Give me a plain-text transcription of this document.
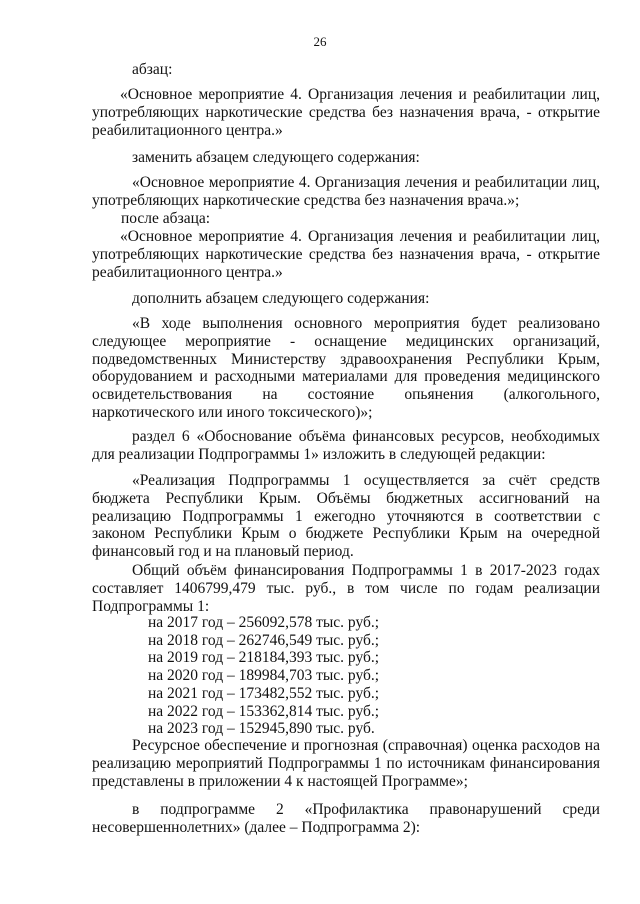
26

абзац:

«Основное мероприятие 4. Организация лечения и реабилитации лиц, употребляющих наркотические средства без назначения врача, - открытие реабилитационного центра.»

заменить абзацем следующего содержания:

«Основное мероприятие 4. Организация лечения и реабилитации лиц, употребляющих наркотические средства без назначения врача.»;

после абзаца:

«Основное мероприятие 4. Организация лечения и реабилитации лиц, употребляющих наркотические средства без назначения врача, - открытие реабилитационного центра.»

дополнить абзацем следующего содержания:

«В ходе выполнения основного мероприятия будет реализовано следующее мероприятие - оснащение медицинских организаций, подведомственных Министерству здравоохранения Республики Крым, оборудованием и расходными материалами для проведения медицинского освидетельствования на состояние опьянения (алкогольного, наркотического или иного токсического)»;

раздел 6 «Обоснование объёма финансовых ресурсов, необходимых для реализации Подпрограммы 1» изложить в следующей редакции:

«Реализация Подпрограммы 1 осуществляется за счёт средств бюджета Республики Крым. Объёмы бюджетных ассигнований на реализацию Подпрограммы 1 ежегодно уточняются в соответствии с законом Республики Крым о бюджете Республики Крым на очередной финансовый год и на плановый период.

Общий объём финансирования Подпрограммы 1 в 2017-2023 годах составляет 1406799,479 тыс. руб., в том числе по годам реализации Подпрограммы 1:

на 2017 год – 256092,578 тыс. руб.;
на 2018 год – 262746,549 тыс. руб.;
на 2019 год – 218184,393 тыс. руб.;
на 2020 год – 189984,703 тыс. руб.;
на 2021 год – 173482,552 тыс. руб.;
на 2022 год – 153362,814 тыс. руб.;
на 2023 год – 152945,890 тыс. руб.

Ресурсное обеспечение и прогнозная (справочная) оценка расходов на реализацию мероприятий Подпрограммы 1 по источникам финансирования представлены в приложении 4 к настоящей Программе»;

в подпрограмме 2 «Профилактика правонарушений среди

несовершеннолетних» (далее – Подпрограмма 2):
